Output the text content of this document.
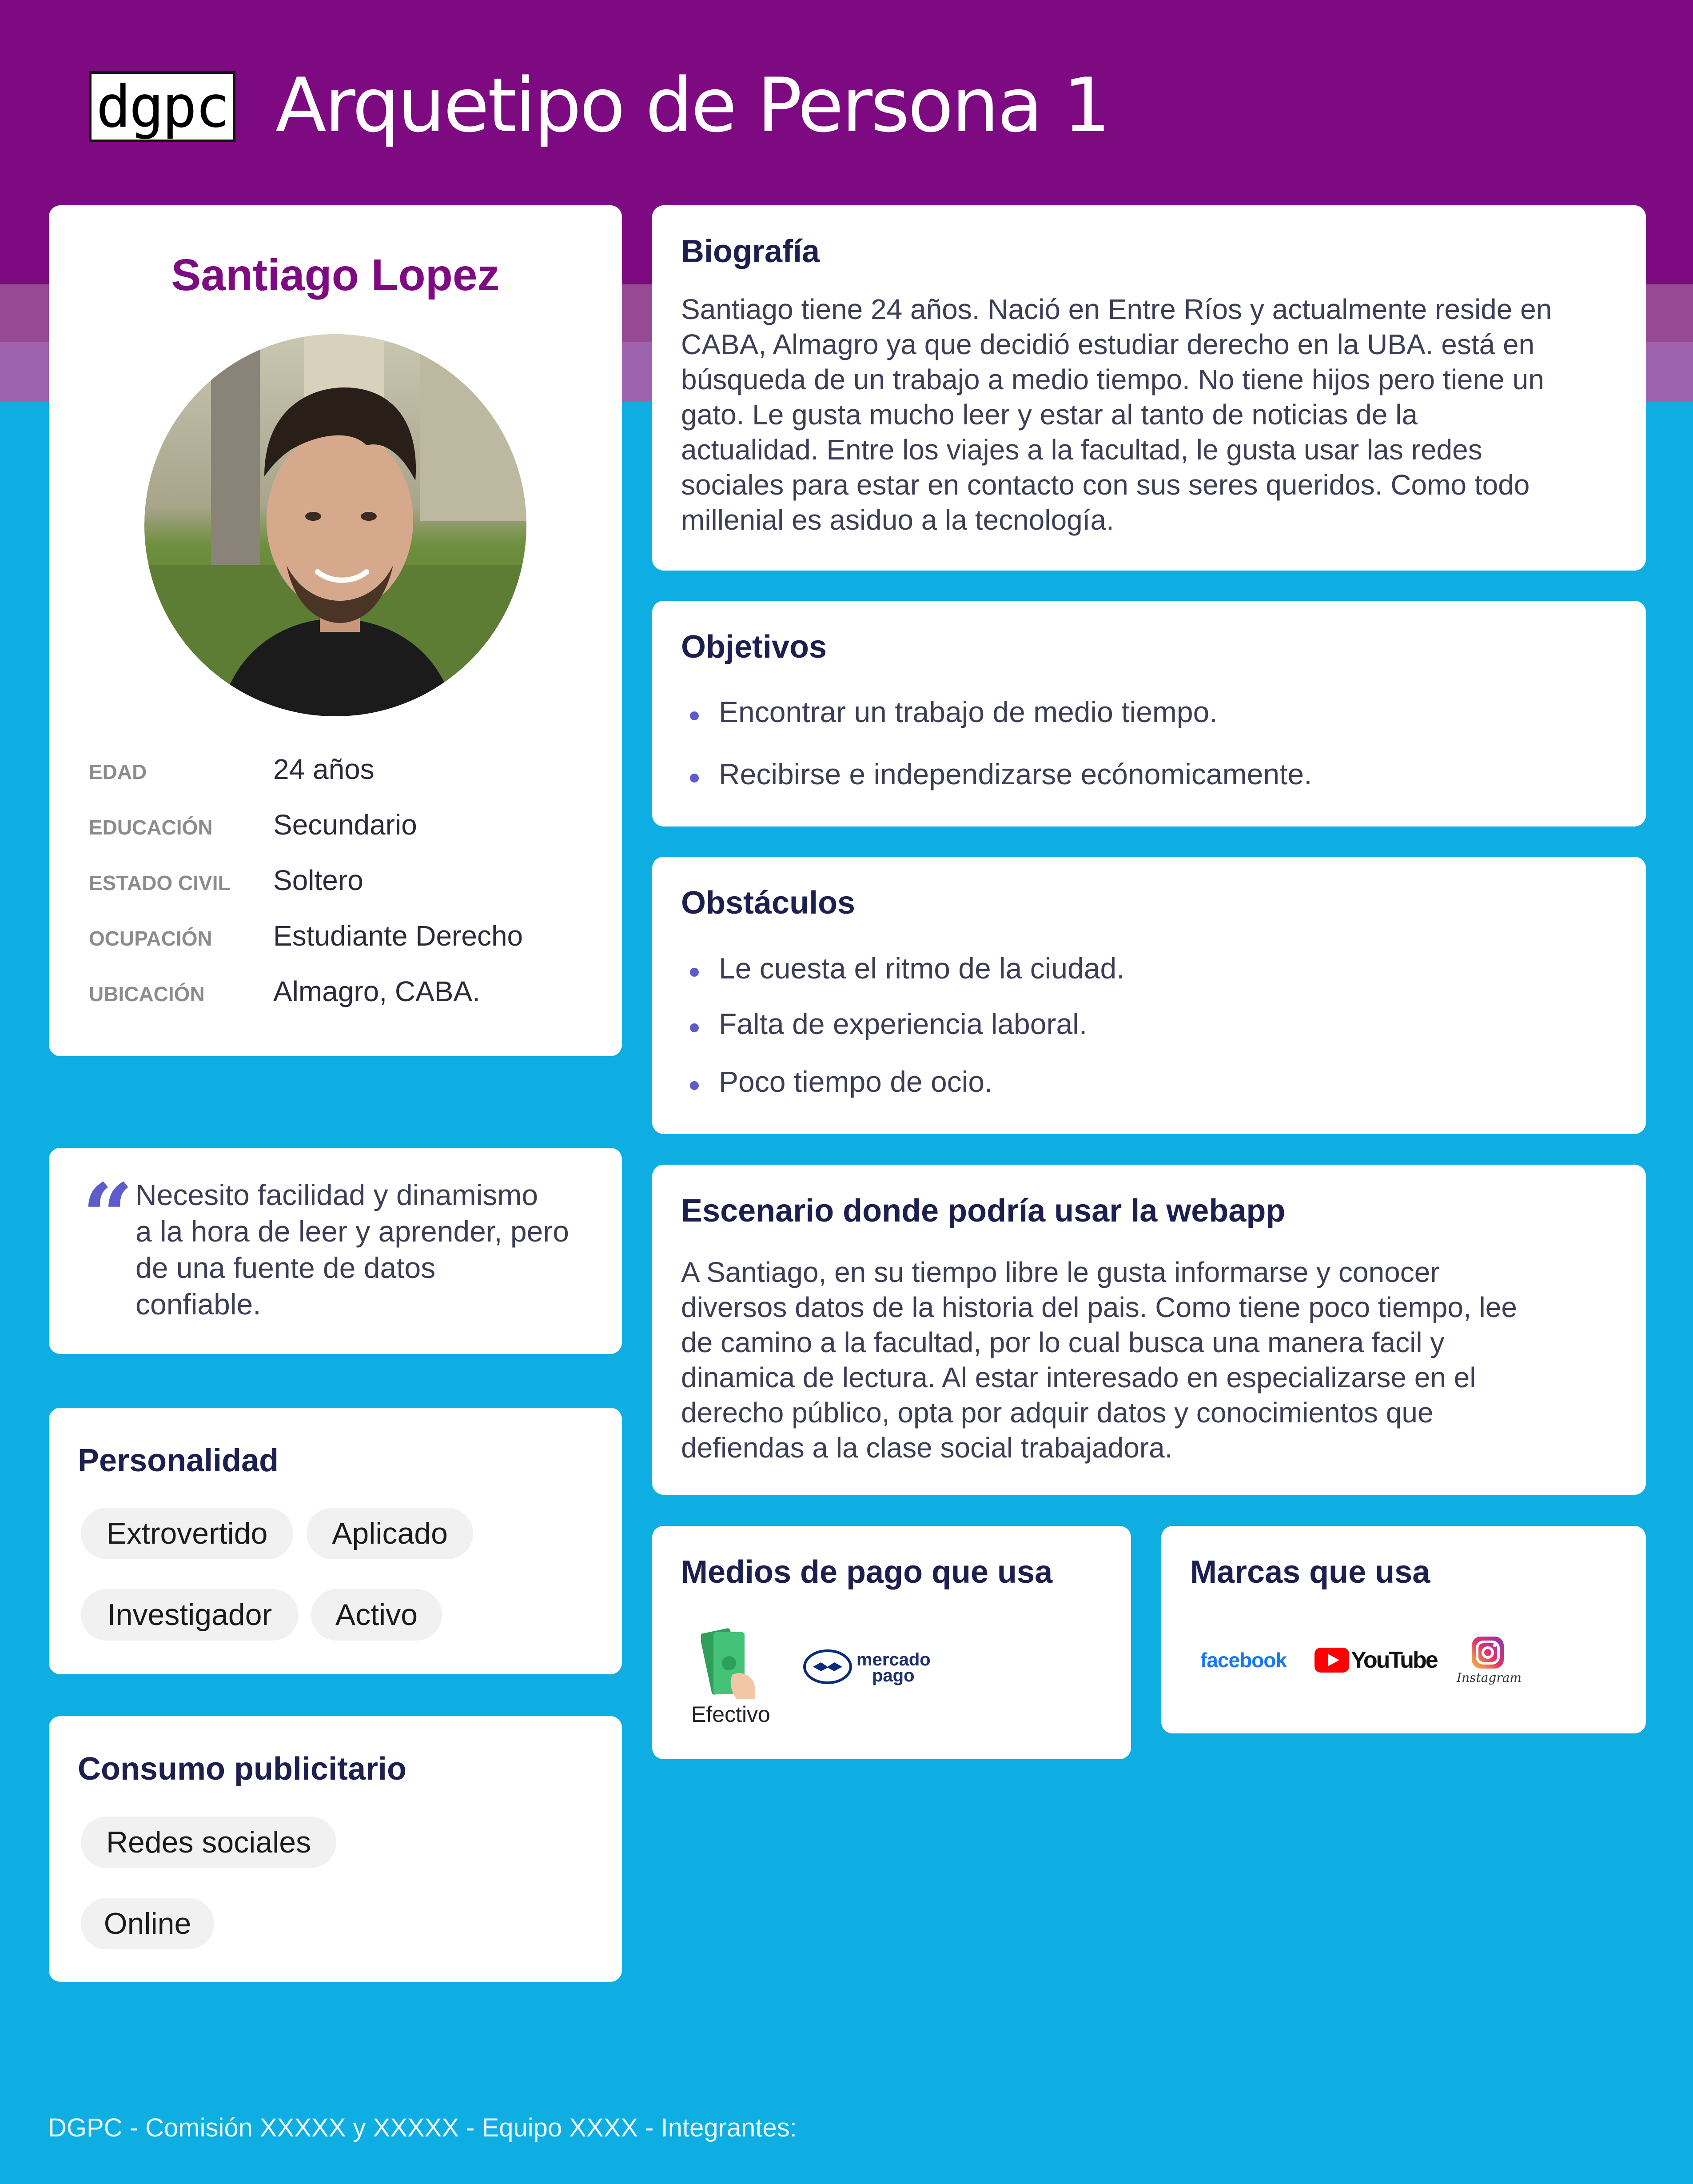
dgpc Arquetipo de Persona 1
Santiago Lopez
EDAD	24 años
EDUCACIÓN Secundario
ESTADO CIVIL Soltero
OCUPACIÓN Estudiante Derecho
UBICACIÓN Almagro, CABA.
“ Necesito facilidad y dinamismo
a la hora de leer y aprender, pero
de una fuente de datos
confiable.
Personalidad
Extrovertido	Aplicado
Investigador	Activo
Consumo publicitario
Redes sociales
Online
Biografía
Santiago tiene 24 años. Nació en Entre Ríos y actualmente reside en
CABA, Almagro ya que decidió estudiar derecho en la UBA. está en
búsqueda de un trabajo a medio tiempo. No tiene hijos pero tiene un
gato. Le gusta mucho leer y estar al tanto de noticias de la
actualidad. Entre los viajes a la facultad, le gusta usar las redes
sociales para estar en contacto con sus seres queridos. Como todo
millenial es asiduo a la tecnología.
Objetivos
Encontrar un trabajo de medio tiempo.
Recibirse e independizarse ecónomicamente.
Obstáculos
Le cuesta el ritmo de la ciudad.
Falta de experiencia laboral.
Poco tiempo de ocio.
Escenario donde podría usar la webapp
A Santiago, en su tiempo libre le gusta informarse y conocer
diversos datos de la historia del pais. Como tiene poco tiempo, lee
de camino a la facultad, por lo cual busca una manera facil y
dinamica de lectura. Al estar interesado en especializarse en el
derecho público, opta por adquir datos y conocimientos que
defiendas a la clase social trabajadora.
Medios de pago que usa
Efectivo
mercado
pago
Marcas que usa
facebook	YouTube
Instagram
DGPC - Comisión XXXXX y XXXXX - Equipo XXXX - Integrantes:
